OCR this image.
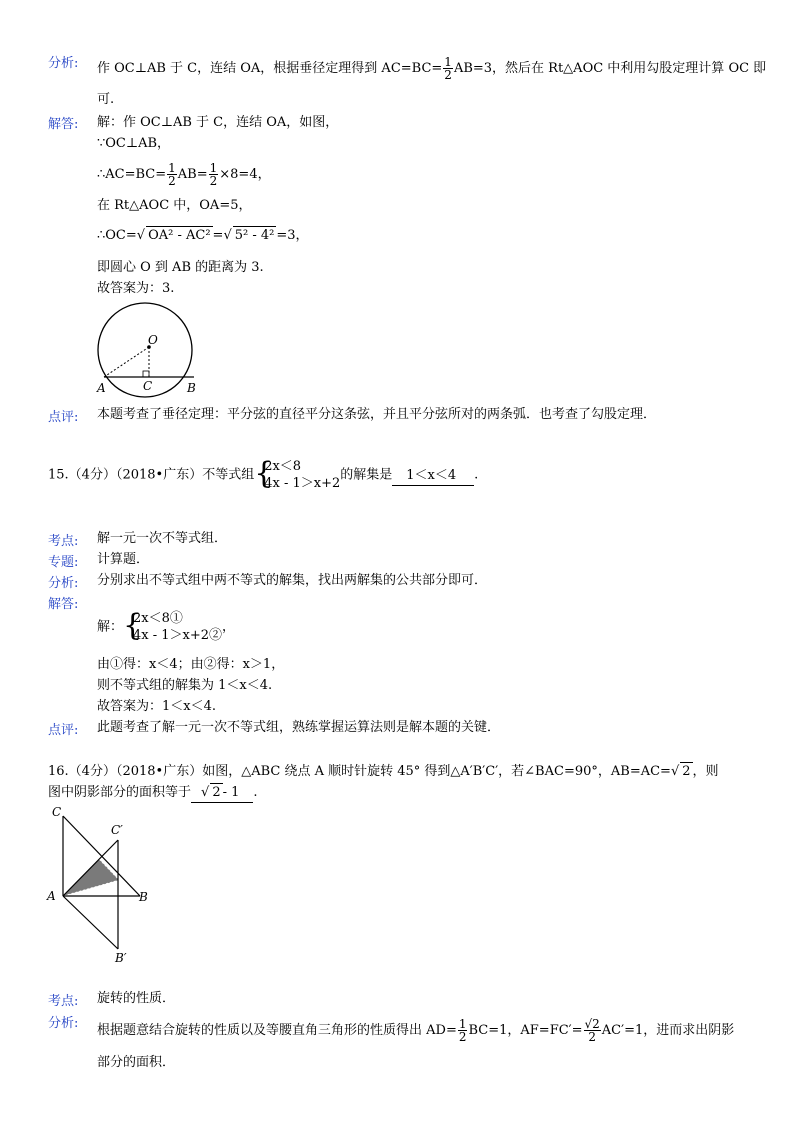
分析: 作 OC⊥AB 于 C，连结 OA，根据垂径定理得到 $AC=BC= \frac{1}{2} AB=3$，然后在 Rt△AOC 中利用勾股定理计算 OC 即
可.
解答: 解：作 OC⊥AB 于 C，连结 OA，如图，
∵OC⊥AB，
∴AC=BC= $\frac{1}{2} AB= \frac{1}{2} \times 8=4$，
在 Rt△AOC 中，OA=5，
∴OC=√ OA² - AC² =√ 5² - 4² =3，
即圆心 O 到 AB 的距离为 3.
故答案为：3.
O
A	C	B
点评: 本题考查了垂径定理：平分弦的直径平分这条弦，并且平分弦所对的两条弧．也考查了勾股定理．
15.（4分）（2018•广东）不等式组 {
2x＜8
4x - 1＞x+2
的解集是 1＜x＜4 .
考点: 解一元一次不等式组．
专题: 计算题．
分析: 分别求出不等式组中两不等式的解集，找出两解集的公共部分即可．
解答:
解： {
2x＜8①
4x - 1＞x+2②
，
由①得：x＜4；由②得：x＞1，
则不等式组的解集为 1＜x＜4.
故答案为：1＜x＜4.
点评: 此题考查了解一元一次不等式组，熟练掌握运算法则是解本题的关键．
16.（4分）（2018•广东）如图，△ABC 绕点 A 顺时针旋转 45° 得到△A′B′C′，若∠BAC=90°，AB=AC=√ 2 ，则
图中阴影部分的面积等于 √ 2 - 1 .
C
C′
A	B
B′
考点: 旋转的性质．
分析: 根据题意结合旋转的性质以及等腰直角三角形的性质得出 $AD= \frac{1}{2} BC=1$，$AF=FC'= \frac{√2}{2} AC'=1$，进而求出阴影
部分的面积．
